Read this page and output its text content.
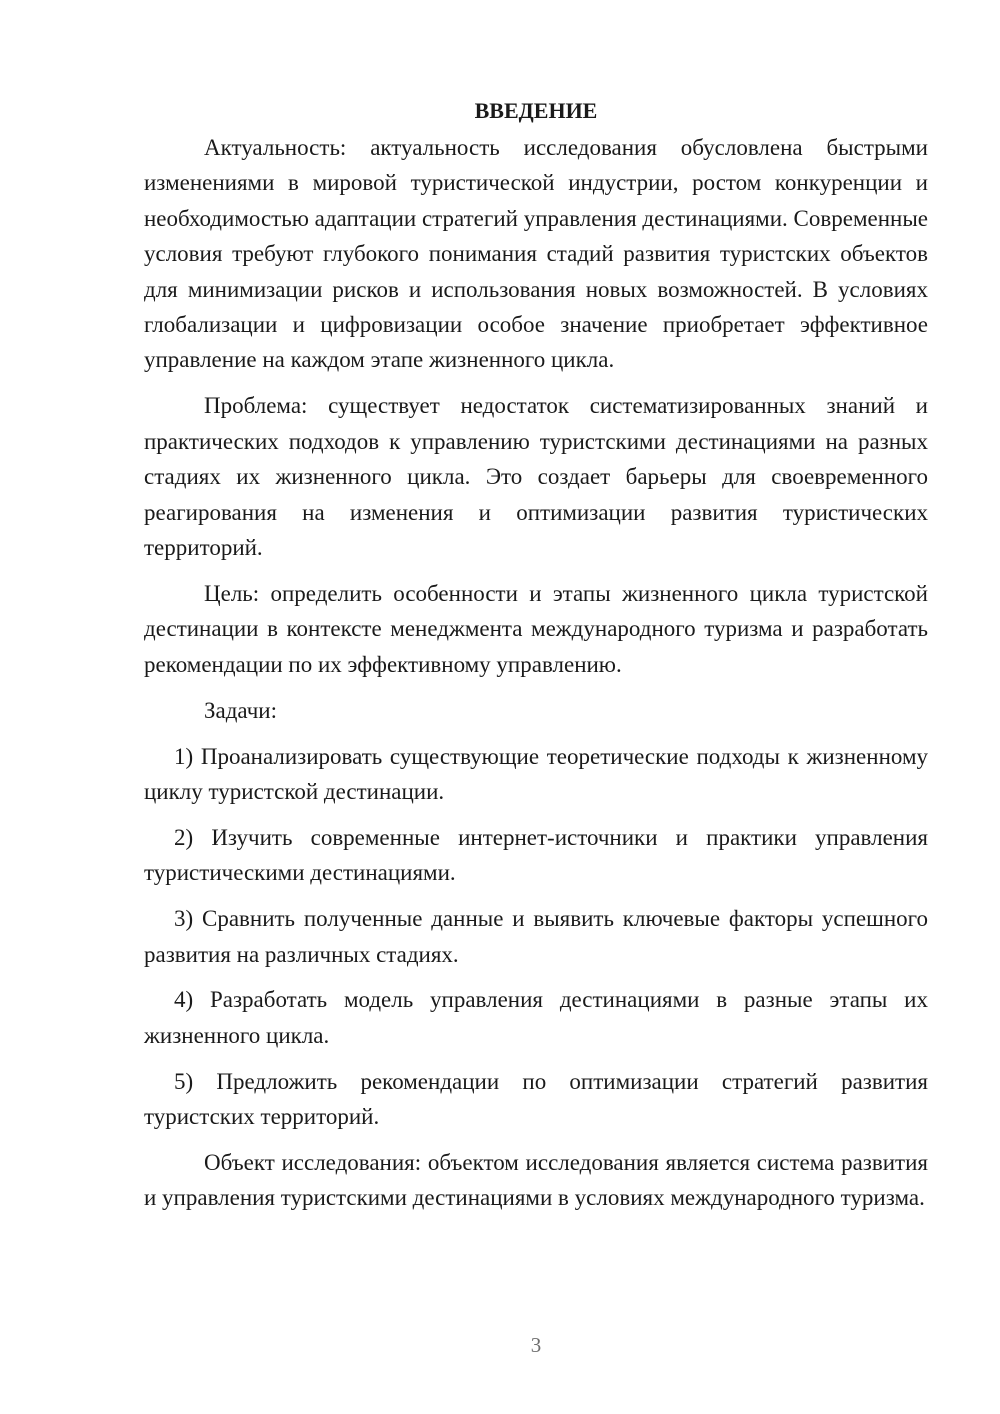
ВВЕДЕНИЕ

Актуальность: актуальность исследования обусловлена быстрыми изменениями в мировой туристической индустрии, ростом конкуренции и необходимостью адаптации стратегий управления дестинациями. Современные условия требуют глубокого понимания стадий развития туристских объектов для минимизации рисков и использования новых возможностей. В условиях глобализации и цифровизации особое значение приобретает эффективное управление на каждом этапе жизненного цикла.

Проблема: существует недостаток систематизированных знаний и практических подходов к управлению туристскими дестинациями на разных стадиях их жизненного цикла. Это создает барьеры для своевременного реагирования на изменения и оптимизации развития туристических территорий.

Цель: определить особенности и этапы жизненного цикла туристской дестинации в контексте менеджмента международного туризма и разработать рекомендации по их эффективному управлению.

Задачи:

1) Проанализировать существующие теоретические подходы к жизненному циклу туристской дестинации.

2) Изучить современные интернет-источники и практики управления туристическими дестинациями.

3) Сравнить полученные данные и выявить ключевые факторы успешного развития на различных стадиях.

4) Разработать модель управления дестинациями в разные этапы их жизненного цикла.

5) Предложить рекомендации по оптимизации стратегий развития туристских территорий.

Объект исследования: объектом исследования является система развития и управления туристскими дестинациями в условиях международного туризма.

3
